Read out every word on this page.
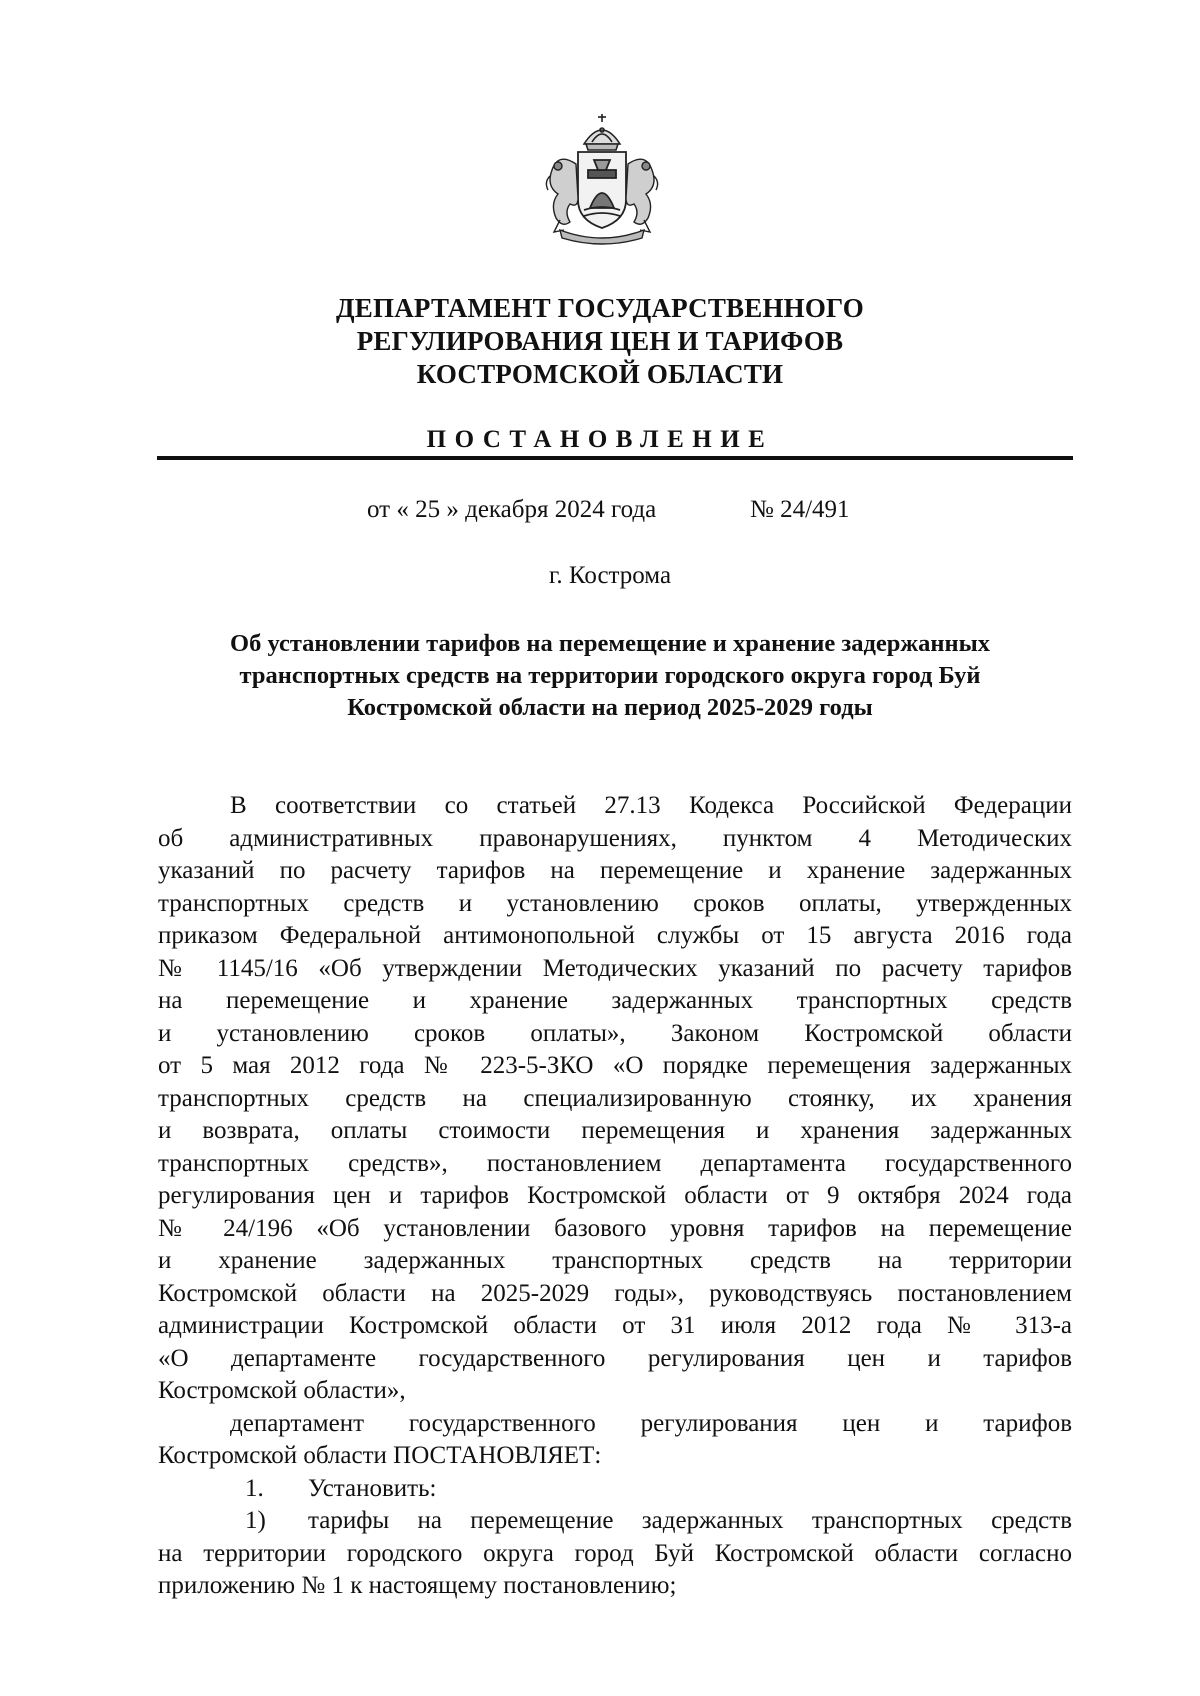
ДЕПАРТАМЕНТ ГОСУДАРСТВЕННОГО
РЕГУЛИРОВАНИЯ ЦЕН И ТАРИФОВ
КОСТРОМСКОЙ ОБЛАСТИ
ПОСТАНОВЛЕНИЕ
от « 25 » декабря 2024 года	№ 24/491
г. Кострома
Об установлении тарифов на перемещение и хранение задержанных
транспортных средств на территории городского округа город Буй
Костромской области на период 2025-2029 годы
В соответствии со статьей 27.13 Кодекса Российской Федерации
об административных правонарушениях, пунктом 4 Методических
указаний по расчету тарифов на перемещение и хранение задержанных
транспортных средств и установлению сроков оплаты, утвержденных
приказом Федеральной антимонопольной службы от 15 августа 2016 года
№ 1145/16 «Об утверждении Методических указаний по расчету тарифов
на перемещение и хранение задержанных транспортных средств
и установлению сроков оплаты», Законом Костромской области
от 5 мая 2012 года № 223-5-ЗКО «О порядке перемещения задержанных
транспортных средств на специализированную стоянку, их хранения
и возврата, оплаты стоимости перемещения и хранения задержанных
транспортных средств», постановлением департамента государственного
регулирования цен и тарифов Костромской области от 9 октября 2024 года
№ 24/196 «Об установлении базового уровня тарифов на перемещение
и хранение задержанных транспортных средств на территории
Костромской области на 2025-2029 годы», руководствуясь постановлением
администрации Костромской области от 31 июля 2012 года № 313-а
«О департаменте государственного регулирования цен и тарифов
Костромской области»,
департамент государственного регулирования цен и тарифов
Костромской области ПОСТАНОВЛЯЕТ:
1. Установить:
1) тарифы на перемещение задержанных транспортных средств
на территории городского округа город Буй Костромской области согласно
приложению № 1 к настоящему постановлению;
